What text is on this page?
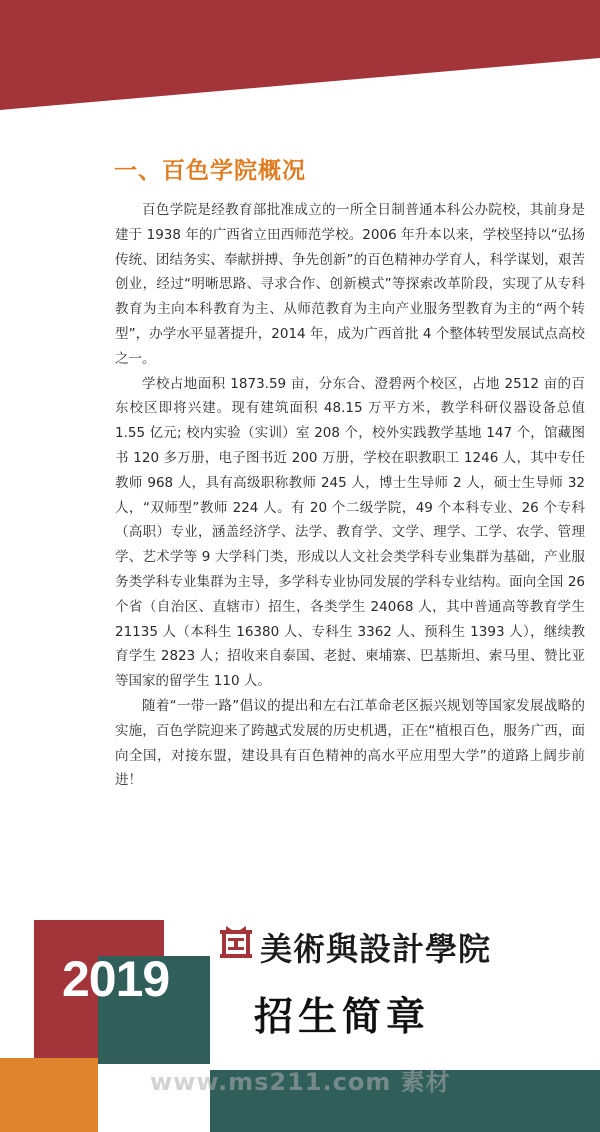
一、百色学院概况

百色学院是经教育部批准成立的一所全日制普通本科公办院校，其前身是建于 1938 年的广西省立田西师范学校。2006 年升本以来，学校坚持以“弘扬传统、团结务实、奉献拼搏、争先创新”的百色精神办学育人，科学谋划，艰苦创业，经过“明晰思路、寻求合作、创新模式”等探索改革阶段，实现了从专科教育为主向本科教育为主、从师范教育为主向产业服务型教育为主的“两个转型”，办学水平显著提升，2014 年，成为广西首批 4 个整体转型发展试点高校之一。

学校占地面积 1873.59 亩，分东合、澄碧两个校区，占地 2512 亩的百东校区即将兴建。现有建筑面积 48.15 万平方米，教学科研仪器设备总值 1.55 亿元; 校内实验（实训）室 208 个，校外实践教学基地 147 个，馆藏图书 120 多万册，电子图书近 200 万册，学校在职教职工 1246 人，其中专任教师 968 人，具有高级职称教师 245 人，博士生导师 2 人，硕士生导师 32 人，“双师型”教师 224 人。有 20 个二级学院，49 个本科专业、26 个专科（高职）专业，涵盖经济学、法学、教育学、文学、理学、工学、农学、管理学、艺术学等 9 大学科门类，形成以人文社会类学科专业集群为基础，产业服务类学科专业集群为主导，多学科专业协同发展的学科专业结构。面向全国 26 个省（自治区、直辖市）招生，各类学生 24068 人，其中普通高等教育学生 21135 人（本科生 16380 人、专科生 3362 人、预科生 1393 人），继续教育学生 2823 人；招收来自泰国、老挝、柬埔寨、巴基斯坦、索马里、赞比亚等国家的留学生 110 人。

随着“一带一路”倡议的提出和左右江革命老区振兴规划等国家发展战略的实施，百色学院迎来了跨越式发展的历史机遇，正在“植根百色，服务广西，面向全国，对接东盟，建设具有百色精神的高水平应用型大学”的道路上阔步前进！

2019
美術與設計學院
招生简章
www.ms211.com 素材
